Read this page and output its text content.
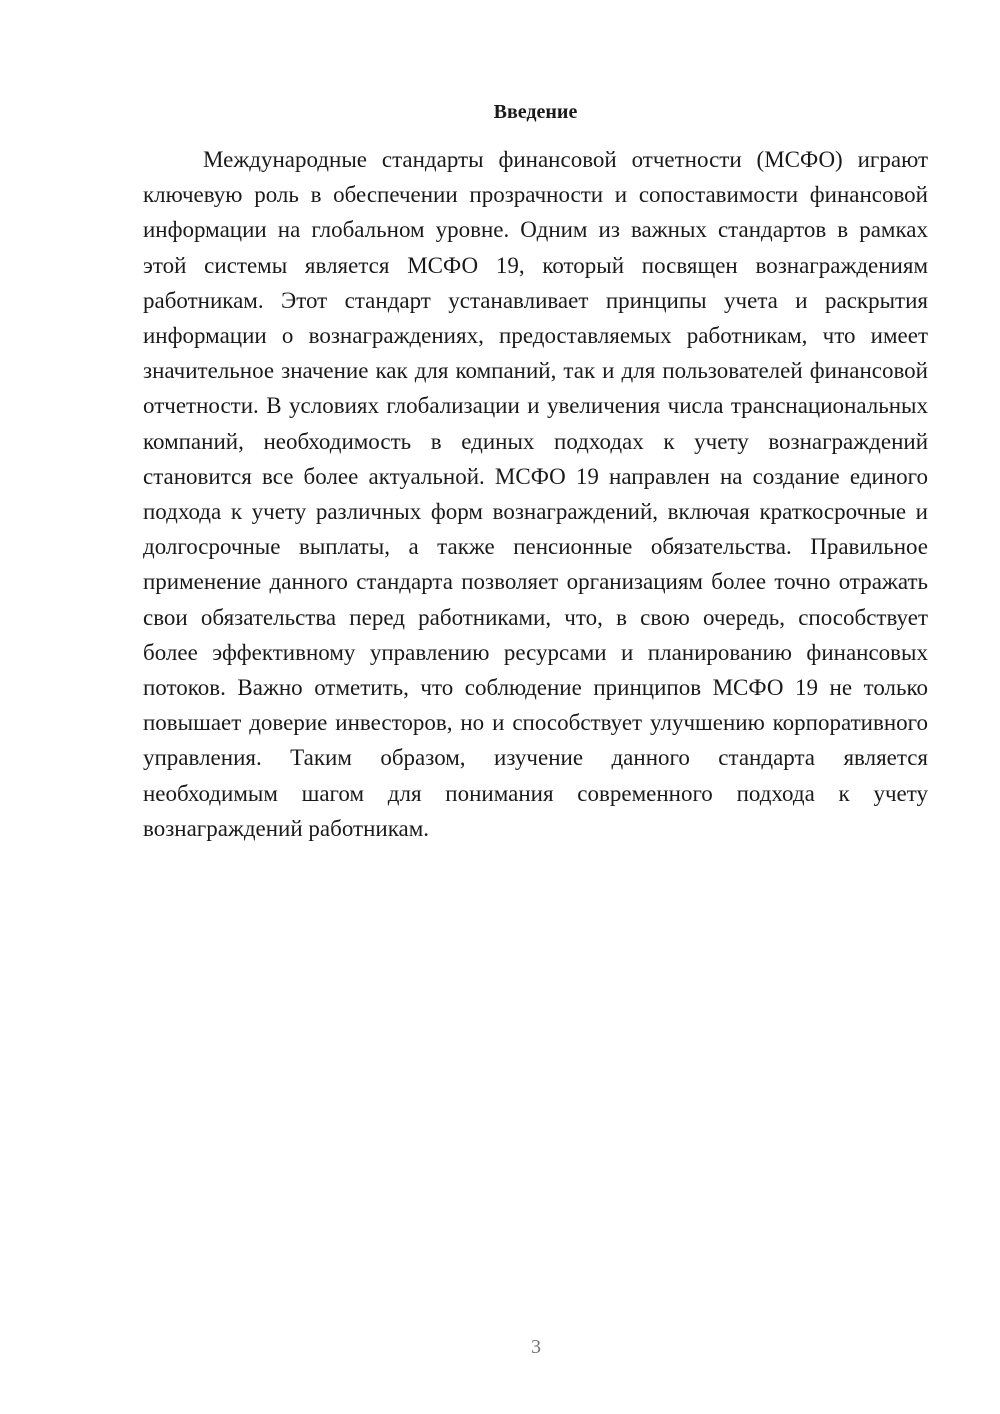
Введение

Международные стандарты финансовой отчетности (МСФО) играют ключевую роль в обеспечении прозрачности и сопоставимости финансовой информации на глобальном уровне. Одним из важных стандартов в рамках этой системы является МСФО 19, который посвящен вознаграждениям работникам. Этот стандарт устанавливает принципы учета и раскрытия информации о вознаграждениях, предоставляемых работникам, что имеет значительное значение как для компаний, так и для пользователей финансовой отчетности. В условиях глобализации и увеличения числа транснациональных компаний, необходимость в единых подходах к учету вознаграждений становится все более актуальной. МСФО 19 направлен на создание единого подхода к учету различных форм вознаграждений, включая краткосрочные и долгосрочные выплаты, а также пенсионные обязательства. Правильное применение данного стандарта позволяет организациям более точно отражать свои обязательства перед работниками, что, в свою очередь, способствует более эффективному управлению ресурсами и планированию финансовых потоков. Важно отметить, что соблюдение принципов МСФО 19 не только повышает доверие инвесторов, но и способствует улучшению корпоративного управления. Таким образом, изучение данного стандарта является необходимым шагом для понимания современного подхода к учету вознаграждений работникам.

3
